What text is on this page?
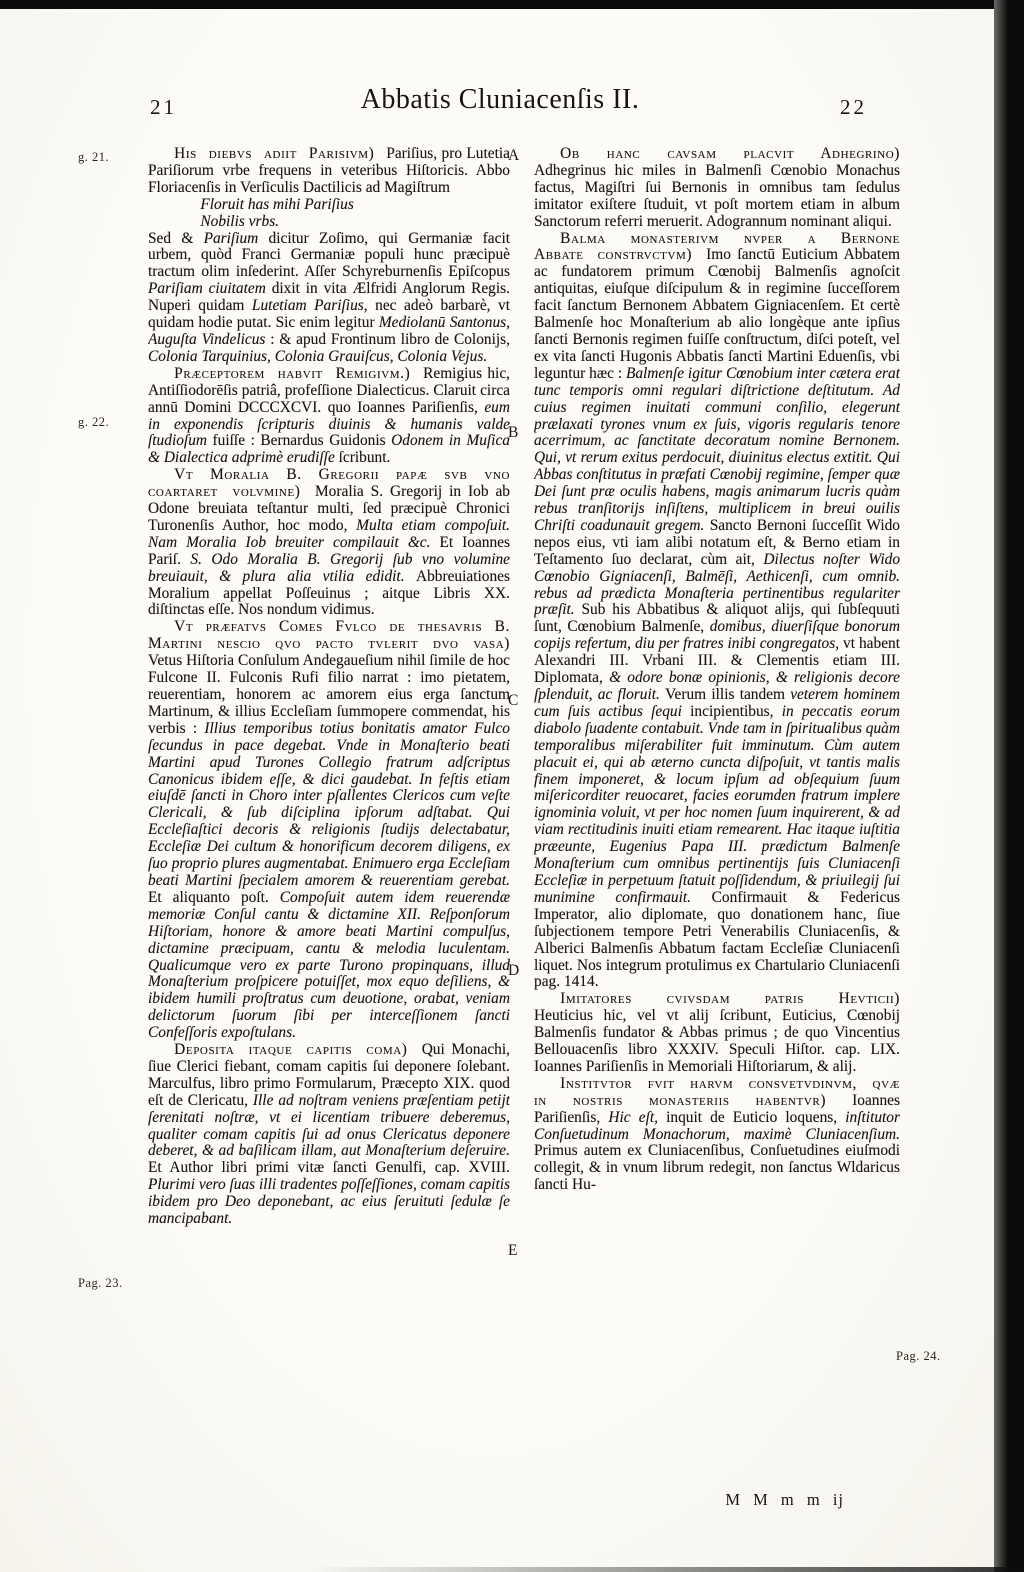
Abbatis Cluniacenſis II.
21	22

His diebvs adiit Parisivm) Pariſius, pro Lutetia Pariſiorum vrbe frequens in veteribus Hiſtoricis. Abbo Floriacenſis in Verſiculis Dactilicis ad Magiſtrum

Floruit has mihi Pariſius
Nobilis vrbs.

Sed & Pariſium dicitur Zoſimo, qui Germaniæ facit urbem, quòd Franci Germaniæ populi hunc præcipuè tractum olim inſederint. Aſſer Schyreburnenſis Epiſcopus Pariſiam ciuitatem dixit in vita Ælfridi Anglorum Regis. Nuperi quidam Lutetiam Pariſius, nec adeò barbarè, vt quidam hodie putat. Sic enim legitur Mediolanū Santonus, Auguſta Vindelicus : & apud Frontinum libro de Colonijs, Colonia Tarquinius, Colonia Grauiſcus, Colonia Vejus.

Præceptorem habvit Remigivm.) Remigius hic, Antiſſiodorēſis patriâ, profeſſione Dialecticus. Claruit circa annū Domini DCCCXCVI. quo Ioannes Pariſienſis, eum in exponendis ſcripturis diuinis & humanis valde ſtudioſum fuiſſe : Bernardus Guidonis Odonem in Muſica & Dialectica adprimè erudiſſe ſcribunt.

Vt Moralia B. Gregorii papæ svb vno coartaret volvmine) Moralia S. Gregorij in Iob ab Odone breuiata teſtantur multi, ſed præcipuè Chronici Turonenſis Author, hoc modo, Multa etiam compoſuit. Nam Moralia Iob breuiter compilauit &c. Et Ioannes Pariſ. S. Odo Moralia B. Gregorij ſub vno volumine breuiauit, & plura alia vtilia edidit. Abbreuiationes Moralium appellat Poſſeuinus ; aitque Libris XX. diſtinctas eſſe. Nos nondum vidimus.

Vt præfatvs Comes Fvlco de thesavris B. Martini nescio qvo pacto tvlerit dvo vasa) Vetus Hiſtoria Conſulum Andegaueſium nihil ſimile de hoc Fulcone II. Fulconis Rufi filio narrat : imo pietatem, reuerentiam, honorem ac amorem eius erga ſanctum Martinum, & illius Eccleſiam ſummopere commendat, his verbis : Illius temporibus totius bonitatis amator Fulco ſecundus in pace degebat. Vnde in Monaſterio beati Martini apud Turones Collegio fratrum adſcriptus Canonicus ibidem eſſe, & dici gaudebat. In feſtis etiam eiuſdē ſancti in Choro inter pſallentes Clericos cum veſte Clericali, & ſub diſciplina ipſorum adſtabat. Qui Eccleſiaſtici decoris & religionis ſtudijs delectabatur, Eccleſiæ Dei cultum & honorificum decorem diligens, ex ſuo proprio plures augmentabat. Enimuero erga Eccleſiam beati Martini ſpecialem amorem & reuerentiam gerebat. Et aliquanto poſt. Compoſuit autem idem reuerendæ memoriæ Conſul cantu & dictamine XII. Reſponſorum Hiſtoriam, honore & amore beati Martini compulſus, dictamine præcipuam, cantu & melodia luculentam. Qualicumque vero ex parte Turono propinquans, illud Monaſterium proſpicere potuiſſet, mox equo deſiliens, & ibidem humili proſtratus cum deuotione, orabat, veniam delictorum ſuorum ſibi per interceſſionem ſancti Confeſſoris expoſtulans.

Deposita itaque capitis coma) Qui Monachi, ſiue Clerici fiebant, comam capitis ſui deponere ſolebant. Marculfus, libro primo Formularum, Præcepto XIX. quod eſt de Clericatu, Ille ad noſtram veniens præſentiam petijt ſerenitati noſtræ, vt ei licentiam tribuere deberemus, qualiter comam capitis ſui ad onus Clericatus deponere deberet, & ad baſilicam illam, aut Monaſterium deſeruire. Et Author libri primi vitæ ſancti Genulfi, cap. XVIII. Plurimi vero ſuas illi tradentes poſſeſſiones, comam capitis ibidem pro Deo deponebant, ac eius ſeruituti ſedulæ ſe mancipabant.

Ob hanc cavsam placvit Adhegrino) Adhegrinus hic miles in Balmenſi Cœnobio Monachus factus, Magiſtri ſui Bernonis in omnibus tam ſedulus imitator exiſtere ſtuduit, vt poſt mortem etiam in album Sanctorum referri meruerit. Adogrannum nominant aliqui.

Balma monasterivm nvper a Bernone Abbate constrvctvm) Imo ſanctū Euticium Abbatem ac fundatorem primum Cœnobij Balmenſis agnoſcit antiquitas, eiuſque diſcipulum & in regimine ſucceſſorem facit ſanctum Bernonem Abbatem Gigniacenſem. Et certè Balmenſe hoc Monaſterium ab alio longèque ante ipſius ſancti Bernonis regimen fuiſſe conſtructum, diſci poteſt, vel ex vita ſancti Hugonis Abbatis ſancti Martini Eduenſis, vbi leguntur hæc : Balmenſe igitur Cœnobium inter cætera erat tunc temporis omni regulari diſtrictione deſtitutum. Ad cuius regimen inuitati communi conſilio, elegerunt prælaxati tyrones vnum ex ſuis, vigoris regularis tenore acerrimum, ac ſanctitate decoratum nomine Bernonem. Qui, vt rerum exitus perdocuit, diuinitus electus extitit. Qui Abbas conſtitutus in præfati Cœnobij regimine, ſemper quæ Dei ſunt præ oculis habens, magis animarum lucris quàm rebus tranſitorijs inſiſtens, multiplicem in breui ouilis Chriſti coadunauit gregem. Sancto Bernoni ſucceſſit Wido nepos eius, vti iam alibi notatum eſt, & Berno etiam in Teſtamento ſuo declarat, cùm ait, Dilectus noſter Wido Cœnobio Gigniacenſi, Balmēſi, Aethicenſi, cum omnib. rebus ad prædicta Monaſteria pertinentibus regulariter præſit. Sub his Abbatibus & aliquot alijs, qui ſubſequuti ſunt, Cœnobium Balmenſe, domibus, diuerſiſque bonorum copijs refertum, diu per fratres inibi congregatos, vt habent Alexandri III. Vrbani III. & Clementis etiam III. Diplomata, & odore bonæ opinionis, & religionis decore ſplenduit, ac floruit. Verum illis tandem veterem hominem cum ſuis actibus ſequi incipientibus, in peccatis eorum diabolo ſuadente contabuit. Vnde tam in ſpiritualibus quàm temporalibus miſerabiliter fuit imminutum. Cùm autem placuit ei, qui ab æterno cuncta diſpoſuit, vt tantis malis finem imponeret, & locum ipſum ad obſequium ſuum miſericorditer reuocaret, facies eorumden fratrum implere ignominia voluit, vt per hoc nomen ſuum inquirerent, & ad viam rectitudinis inuiti etiam remearent. Hac itaque iuſtitia præeunte, Eugenius Papa III. prædictum Balmenſe Monaſterium cum omnibus pertinentijs ſuis Cluniacenſi Eccleſiæ in perpetuum ſtatuit poſſidendum, & priuilegij ſui munimine confirmauit. Confirmauit & Federicus Imperator, alio diplomate, quo donationem hanc, ſiue ſubjectionem tempore Petri Venerabilis Cluniacenſis, & Alberici Balmenſis Abbatum factam Eccleſiæ Cluniacenſi liquet. Nos integrum protulimus ex Chartulario Cluniacenſi pag. 1414.

Imitatores cvivsdam patris Hevticii) Heuticius hic, vel vt alij ſcribunt, Euticius, Cœnobij Balmenſis fundator & Abbas primus ; de quo Vincentius Bellouacenſis libro XXXIV. Speculi Hiſtor. cap. LIX. Ioannes Pariſienſis in Memoriali Hiſtoriarum, & alij.

Institvtor fvit harvm consvetvdinvm, qvæ in nostris monasteriis habentvr) Ioannes Pariſienſis, Hic eſt, inquit de Euticio loquens, inſtitutor Conſuetudinum Monachorum, maximè Cluniacenſium. Primus autem ex Cluniacenſibus, Conſuetudines eiuſmodi collegit, & in vnum librum redegit, non ſanctus Wldaricus ſancti Hu-

g. 21.
g. 22.
Pag. 23.
Pag. 24.
A
B
C
D
E
M M m m ij
